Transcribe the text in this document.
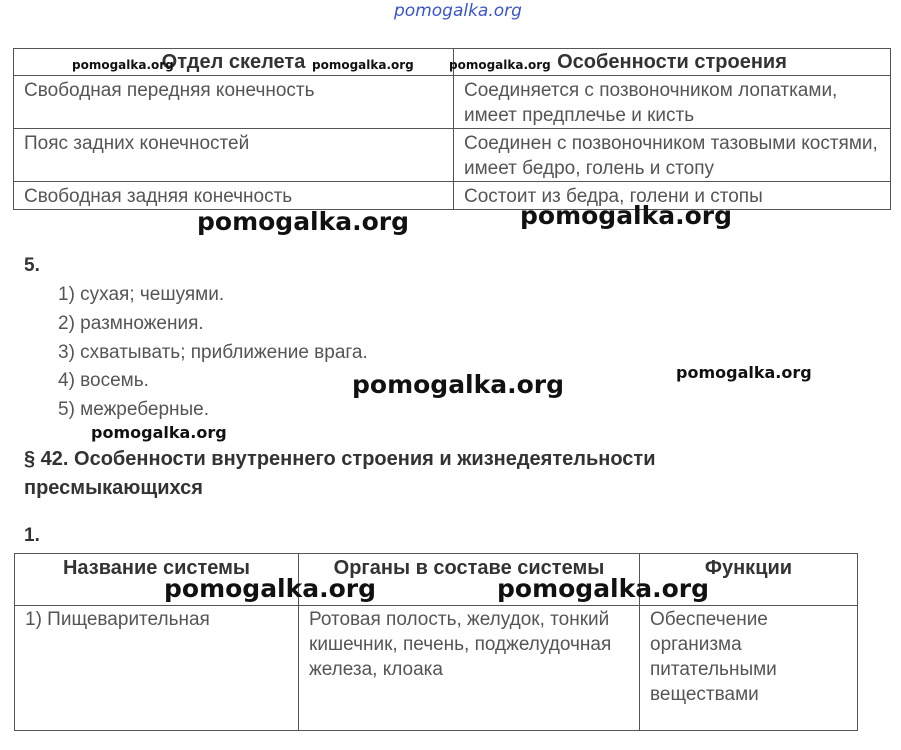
pomogalka.org
Отдел скелета	Особенности строения
Свободная передняя конечность	Соединяется с позвоночником лопатками, имеет предплечье и кисть
Пояс задних конечностей	Соединен с позвоночником тазовыми костями, имеет бедро, голень и стопу
Свободная задняя конечность	Состоит из бедра, голени и стопы
pomogalka.org	pomogalka.org	pomogalka.org
pomogalka.org	pomogalka.org
5.
1) сухая; чешуями.
2) размножения.
3) схватывать; приближение врага.
4) восемь.
5) межреберные.
pomogalka.org	pomogalka.org
pomogalka.org
§ 42. Особенности внутреннего строения и жизнедеятельности
пресмыкающихся
1.
Название системы	Органы в составе системы	Функции
1) Пищеварительная	Ротовая полость, желудок, тонкий кишечник, печень, поджелудочная железа, клоака	Обеспечение организма питательными веществами
pomogalka.org	pomogalka.org
